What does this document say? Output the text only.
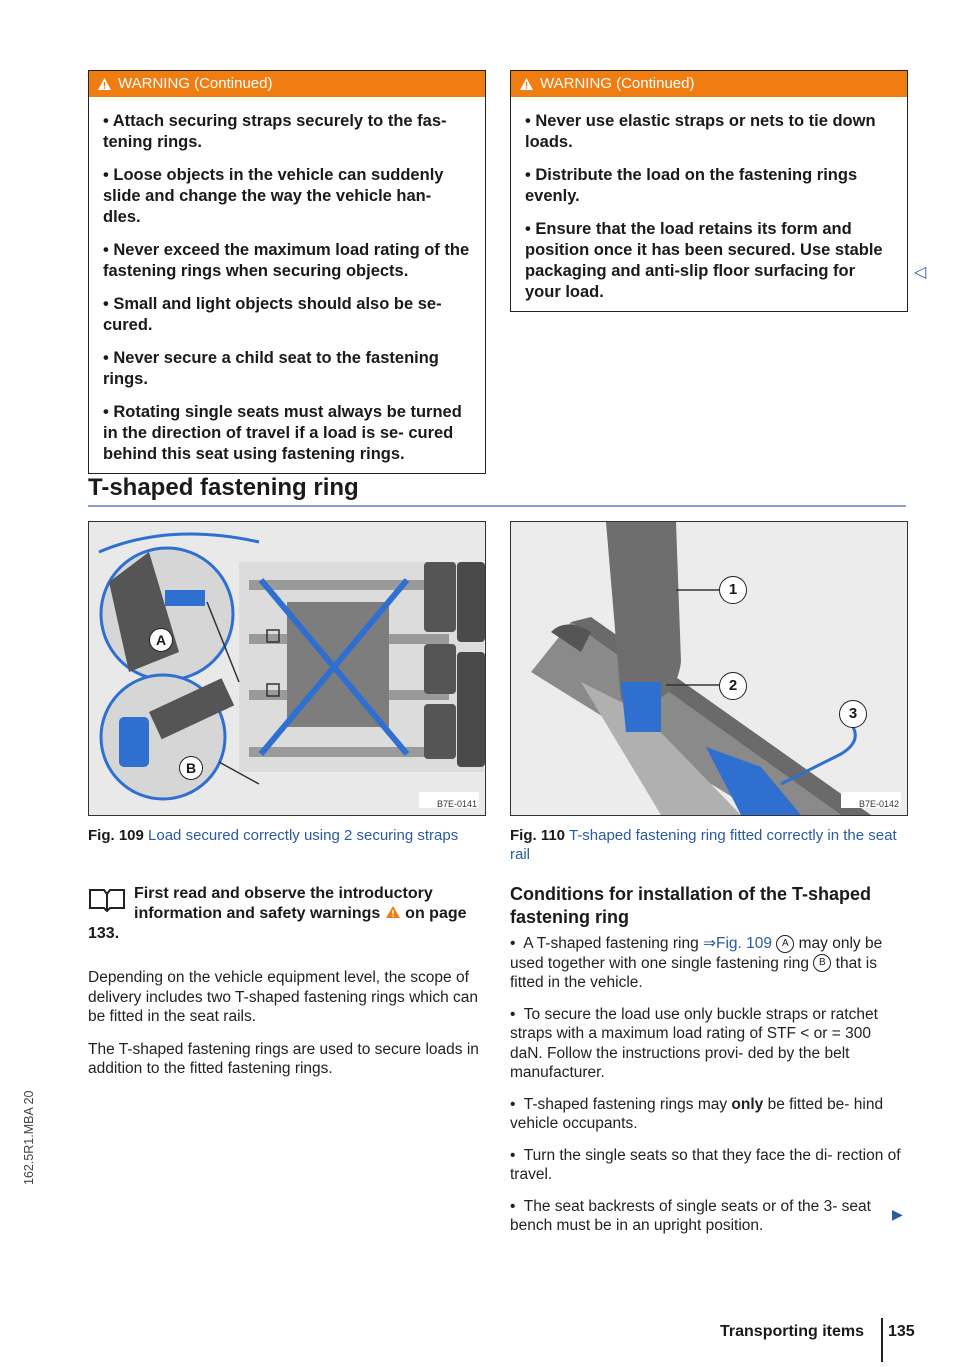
WARNING (Continued)

• Attach securing straps securely to the fas- tening rings.

• Loose objects in the vehicle can suddenly slide and change the way the vehicle han- dles.

• Never exceed the maximum load rating of the fastening rings when securing objects.

• Small and light objects should also be se- cured.

• Never secure a child seat to the fastening rings.

• Rotating single seats must always be turned in the direction of travel if a load is se- cured behind this seat using fastening rings.

WARNING (Continued)

• Never use elastic straps or nets to tie down loads.

• Distribute the load on the fastening rings evenly.

• Ensure that the load retains its form and position once it has been secured. Use stable packaging and anti-slip floor surfacing for your load.

◁
T-shaped fastening ring
A
B
B7E-0141
Fig. 109 Load secured correctly using 2 securing straps
1
2
3
B7E-0142
Fig. 110 T-shaped fastening ring fitted correctly in the seat rail
First read and observe the introductory information and safety warnings on page 133.

Depending on the vehicle equipment level, the scope of delivery includes two T-shaped fastening rings which can be fitted in the seat rails.

The T-shaped fastening rings are used to secure loads in addition to the fitted fastening rings.

Conditions for installation of the T-shaped fastening ring

•  A T-shaped fastening ring ⇒Fig. 109 A may only be used together with one single fastening ring B that is fitted in the vehicle.

•  To secure the load use only buckle straps or ratchet straps with a maximum load rating of STF < or = 300 daN. Follow the instructions provi- ded by the belt manufacturer.

•  T-shaped fastening rings may only be fitted be- hind vehicle occupants.

•  Turn the single seats so that they face the di- rection of travel.

•  The seat backrests of single seats or of the 3- seat bench must be in an upright position.

▶
162.5R1.MBA 20
Transporting items 135
